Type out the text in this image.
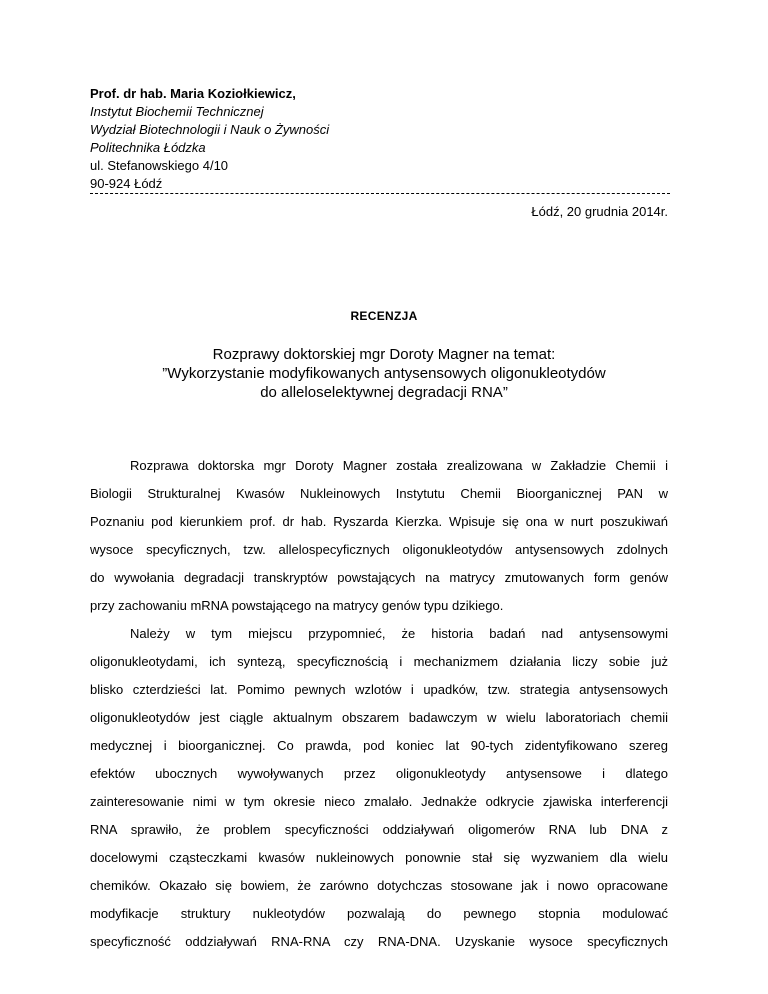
Prof. dr hab. Maria Koziołkiewicz,
Instytut Biochemii Technicznej
Wydział Biotechnologii i Nauk o Żywności
Politechnika Łódzka
ul. Stefanowskiego 4/10
90-924 Łódź
Łódź, 20 grudnia 2014r.
RECENZJA
Rozprawy doktorskiej mgr Doroty Magner na temat:
”Wykorzystanie modyfikowanych antysensowych oligonukleotydów
do alleloselektywnej degradacji RNA”
Rozprawa doktorska mgr Doroty Magner została zrealizowana w Zakładzie Chemii i
Biologii Strukturalnej Kwasów Nukleinowych Instytutu Chemii Bioorganicznej PAN w
Poznaniu pod kierunkiem prof. dr hab. Ryszarda Kierzka. Wpisuje się ona w nurt poszukiwań
wysoce specyficznych, tzw. allelospecyficznych oligonukleotydów antysensowych zdolnych
do wywołania degradacji transkryptów powstających na matrycy zmutowanych form genów
przy zachowaniu mRNA powstającego na matrycy genów typu dzikiego.
Należy w tym miejscu przypomnieć, że historia badań nad antysensowymi
oligonukleotydami, ich syntezą, specyficznością i mechanizmem działania liczy sobie już
blisko czterdzieści lat. Pomimo pewnych wzlotów i upadków, tzw. strategia antysensowych
oligonukleotydów jest ciągle aktualnym obszarem badawczym w wielu laboratoriach chemii
medycznej i bioorganicznej. Co prawda, pod koniec lat 90-tych zidentyfikowano szereg
efektów ubocznych wywoływanych przez oligonukleotydy antysensowe i dlatego
zainteresowanie nimi w tym okresie nieco zmalało. Jednakże odkrycie zjawiska interferencji
RNA sprawiło, że problem specyficzności oddziaływań oligomerów RNA lub DNA z
docelowymi cząsteczkami kwasów nukleinowych ponownie stał się wyzwaniem dla wielu
chemików. Okazało się bowiem, że zarówno dotychczas stosowane jak i nowo opracowane
modyfikacje struktury nukleotydów pozwalają do pewnego stopnia modulować
specyficzność oddziaływań RNA-RNA czy RNA-DNA. Uzyskanie wysoce specyficznych
